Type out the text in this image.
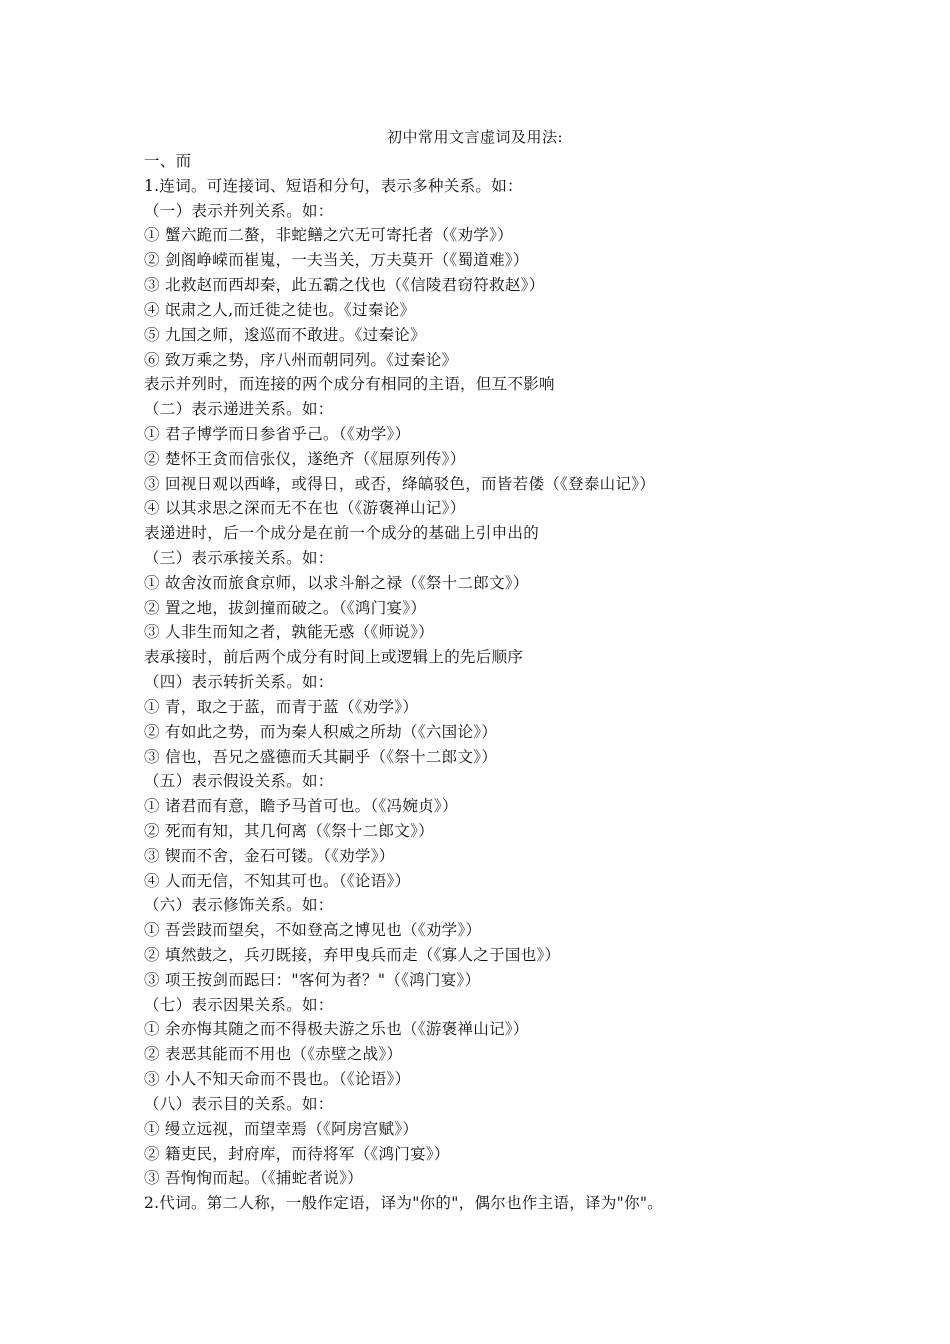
初中常用文言虚词及用法:
一、而
1.连词。可连接词、短语和分句，表示多种关系。如：
（一）表示并列关系。如：
① 蟹六跪而二螯，非蛇鳝之穴无可寄托者（《劝学》）
② 剑阁峥嵘而崔嵬，一夫当关，万夫莫开（《蜀道难》）
③ 北救赵而西却秦，此五霸之伐也（《信陵君窃符救赵》）
④ 氓肃之人,而迁徙之徒也。《过秦论》
⑤ 九国之师，逡巡而不敢进。《过秦论》
⑥ 致万乘之势，序八州而朝同列。《过秦论》
表示并列时，而连接的两个成分有相同的主语，但互不影响
（二）表示递进关系。如：
① 君子博学而日参省乎己。（《劝学》）
② 楚怀王贪而信张仪，遂绝齐（《屈原列传》）
③ 回视日观以西峰，或得日，或否，绛皜驳色，而皆若偻（《登泰山记》）
④ 以其求思之深而无不在也（《游褒禅山记》）
表递进时，后一个成分是在前一个成分的基础上引申出的
（三）表示承接关系。如：
① 故舍汝而旅食京师，以求斗斛之禄（《祭十二郎文》）
② 置之地，拔剑撞而破之。（《鸿门宴》）
③ 人非生而知之者，孰能无惑（《师说》）
表承接时，前后两个成分有时间上或逻辑上的先后顺序
（四）表示转折关系。如：
① 青，取之于蓝，而青于蓝（《劝学》）
② 有如此之势，而为秦人积威之所劫（《六国论》）
③ 信也，吾兄之盛德而夭其嗣乎（《祭十二郎文》）
（五）表示假设关系。如：
① 诸君而有意，瞻予马首可也。（《冯婉贞》）
② 死而有知，其几何离（《祭十二郎文》）
③ 锲而不舍，金石可镂。（《劝学》）
④ 人而无信，不知其可也。（《论语》）
（六）表示修饰关系。如：
① 吾尝跂而望矣，不如登高之博见也（《劝学》）
② 填然鼓之，兵刃既接，弃甲曳兵而走（《寡人之于国也》）
③ 项王按剑而跽曰："客何为者？"（《鸿门宴》）
（七）表示因果关系。如：
① 余亦悔其随之而不得极夫游之乐也（《游褒禅山记》）
② 表恶其能而不用也（《赤壁之战》）
③ 小人不知天命而不畏也。（《论语》）
（八）表示目的关系。如：
① 缦立远视，而望幸焉（《阿房宫赋》）
② 籍吏民，封府库，而待将军（《鸿门宴》）
③ 吾恂恂而起。（《捕蛇者说》）
2.代词。第二人称，一般作定语，译为"你的"，偶尔也作主语，译为"你"。
